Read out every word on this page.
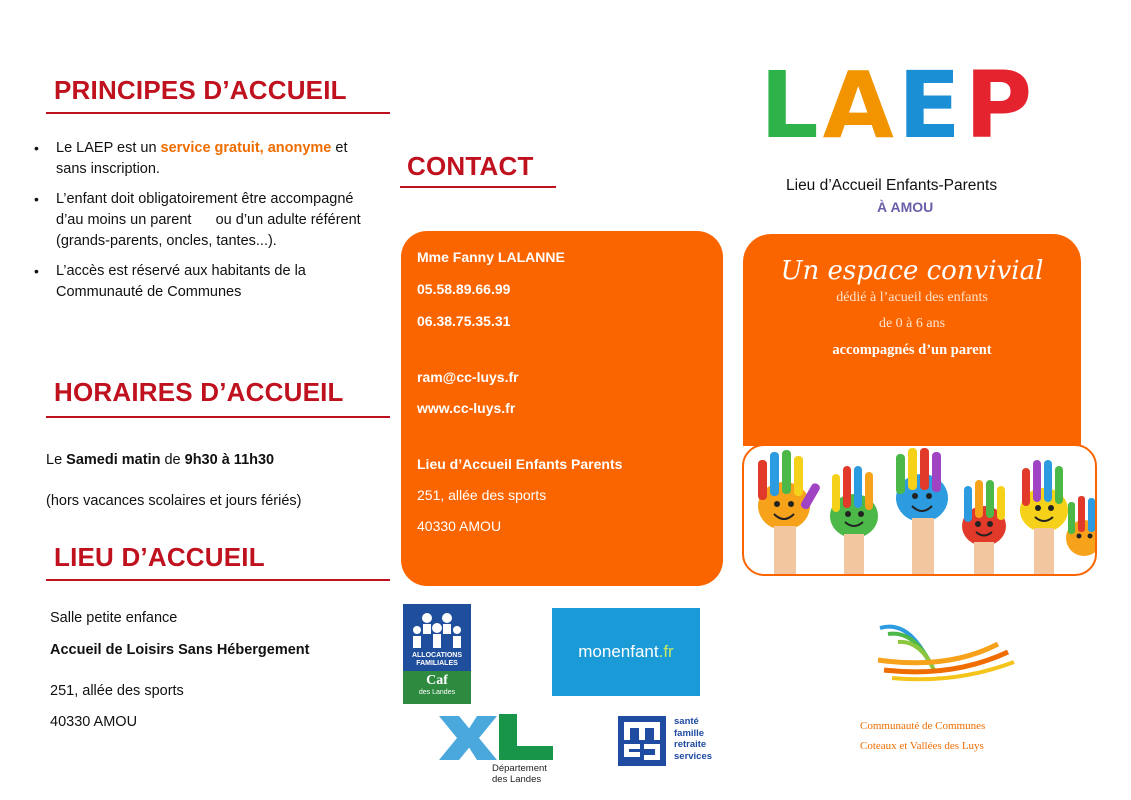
PRINCIPES D’ACCUEIL
• Le LAEP est un service gratuit, anonyme et sans inscription.
• L’enfant doit obligatoirement être accompagné d’au moins un parent      ou d’un adulte référent (grands-parents, oncles, tantes...).
• L’accès est réservé aux habitants de la Communauté de Communes
HORAIRES D’ACCUEIL
Le Samedi matin de 9h30 à 11h30
(hors vacances scolaires et jours fériés)
LIEU D’ACCUEIL
Salle petite enfance
Accueil de Loisirs Sans Hébergement
251, allée des sports
40330 AMOU
CONTACT
Mme Fanny LALANNE
05.58.89.66.99
06.38.75.35.31
ram@cc-luys.fr
www.cc-luys.fr
Lieu d’Accueil Enfants Parents
251, allée des sports
40330 AMOU
ALLOCATIONS
FAMILIALES
Caf
des Landes
monenfant.fr
Département
des Landes
santé
famille
retraite
services
LAEP
Lieu d’Accueil Enfants-Parents
À AMOU
Un espace convivial
dédié à l’acueil des enfants
de 0 à 6 ans
accompagnés d’un parent
Communauté de Communes
Coteaux et Vallées des Luys
